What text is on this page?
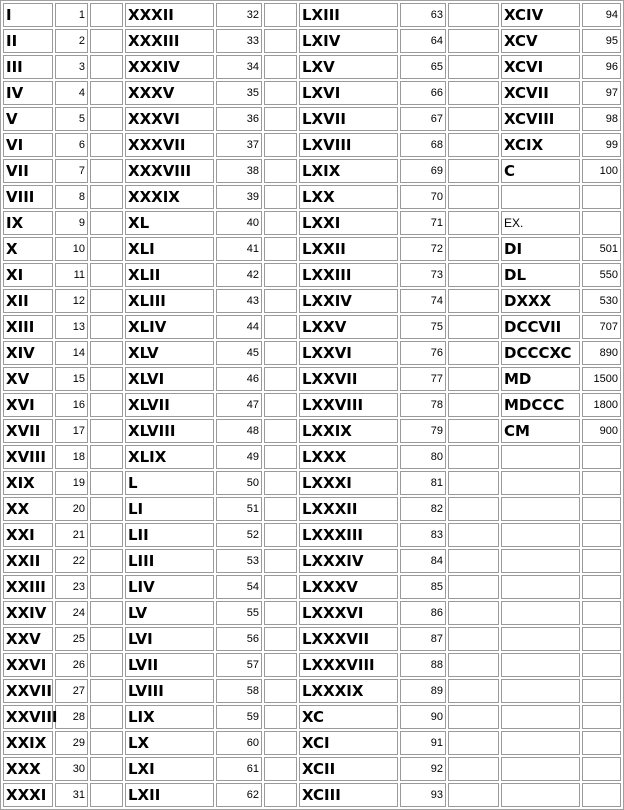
I	1		XXXII	32		LXIII	63		XCIV	94
II	2		XXXIII	33		LXIV	64		XCV	95
III	3		XXXIV	34		LXV	65		XCVI	96
IV	4		XXXV	35		LXVI	66		XCVII	97
V	5		XXXVI	36		LXVII	67		XCVIII	98
VI	6		XXXVII	37		LXVIII	68		XCIX	99
VII	7		XXXVIII	38		LXIX	69		C	100
VIII	8		XXXIX	39		LXX	70			
IX	9		XL	40		LXXI	71		EX.	
X	10		XLI	41		LXXII	72		DI	501
XI	11		XLII	42		LXXIII	73		DL	550
XII	12		XLIII	43		LXXIV	74		DXXX	530
XIII	13		XLIV	44		LXXV	75		DCCVII	707
XIV	14		XLV	45		LXXVI	76		DCCCXC	890
XV	15		XLVI	46		LXXVII	77		MD	1500
XVI	16		XLVII	47		LXXVIII	78		MDCCC	1800
XVII	17		XLVIII	48		LXXIX	79		CM	900
XVIII	18		XLIX	49		LXXX	80			
XIX	19		L	50		LXXXI	81			
XX	20		LI	51		LXXXII	82			
XXI	21		LII	52		LXXXIII	83			
XXII	22		LIII	53		LXXXIV	84			
XXIII	23		LIV	54		LXXXV	85			
XXIV	24		LV	55		LXXXVI	86			
XXV	25		LVI	56		LXXXVII	87			
XXVI	26		LVII	57		LXXXVIII	88			
XXVII	27		LVIII	58		LXXXIX	89			
XXVIII	28		LIX	59		XC	90			
XXIX	29		LX	60		XCI	91			
XXX	30		LXI	61		XCII	92			
XXXI	31		LXII	62		XCIII	93			
